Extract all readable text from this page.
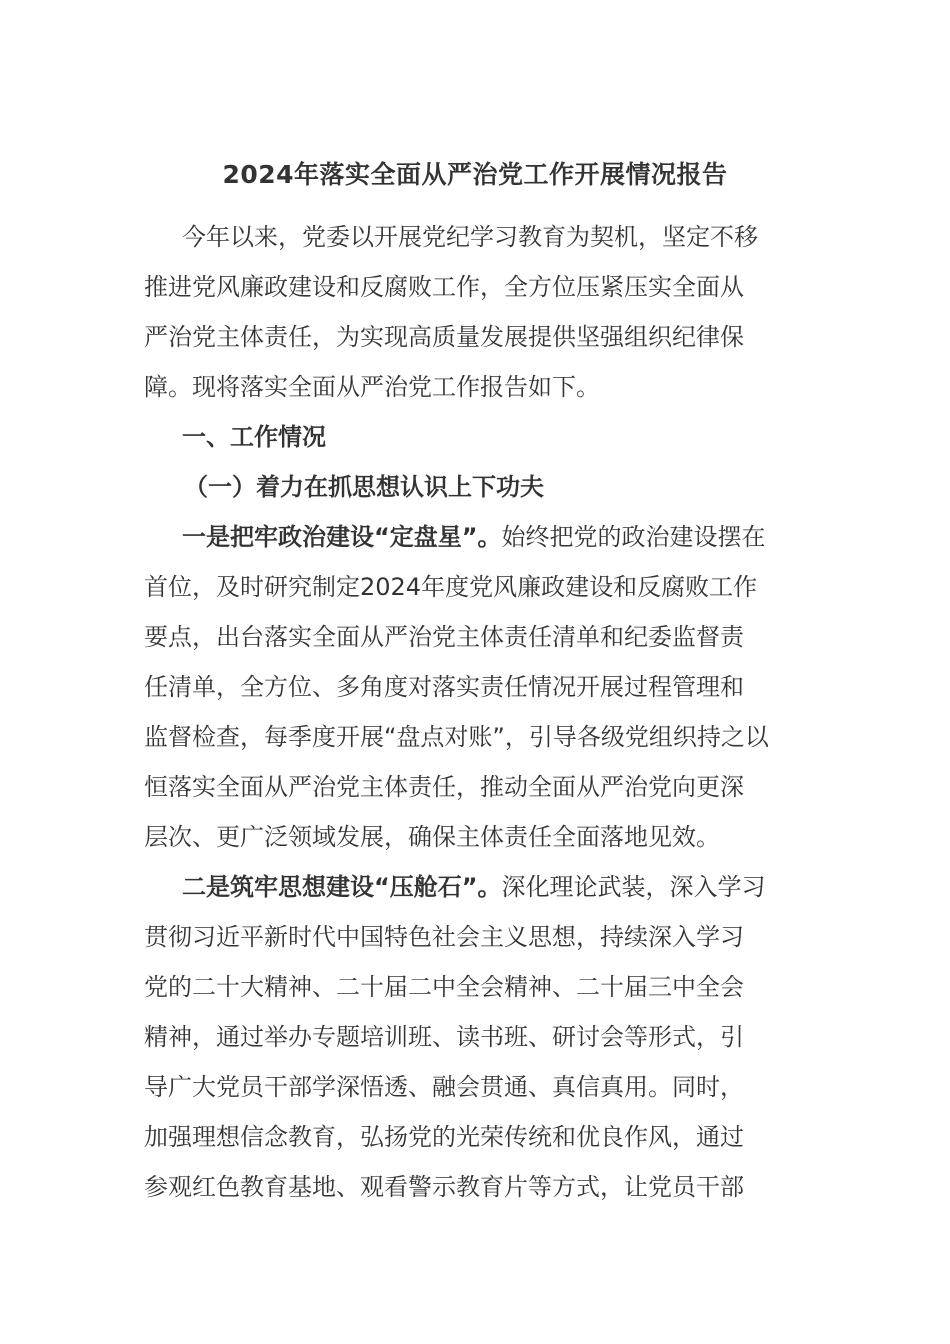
2024年落实全面从严治党工作开展情况报告
今年以来，党委以开展党纪学习教育为契机，坚定不移
推进党风廉政建设和反腐败工作，全方位压紧压实全面从
严治党主体责任，为实现高质量发展提供坚强组织纪律保
障。现将落实全面从严治党工作报告如下。
一、工作情况
（一）着力在抓思想认识上下功夫
一是把牢政治建设“定盘星”。始终把党的政治建设摆在
首位，及时研究制定2024年度党风廉政建设和反腐败工作
要点，出台落实全面从严治党主体责任清单和纪委监督责
任清单，全方位、多角度对落实责任情况开展过程管理和
监督检查，每季度开展“盘点对账”，引导各级党组织持之以
恒落实全面从严治党主体责任，推动全面从严治党向更深
层次、更广泛领域发展，确保主体责任全面落地见效。
二是筑牢思想建设“压舱石”。深化理论武装，深入学习
贯彻习近平新时代中国特色社会主义思想，持续深入学习
党的二十大精神、二十届二中全会精神、二十届三中全会
精神，通过举办专题培训班、读书班、研讨会等形式，引
导广大党员干部学深悟透、融会贯通、真信真用。同时，
加强理想信念教育，弘扬党的光荣传统和优良作风，通过
参观红色教育基地、观看警示教育片等方式，让党员干部
